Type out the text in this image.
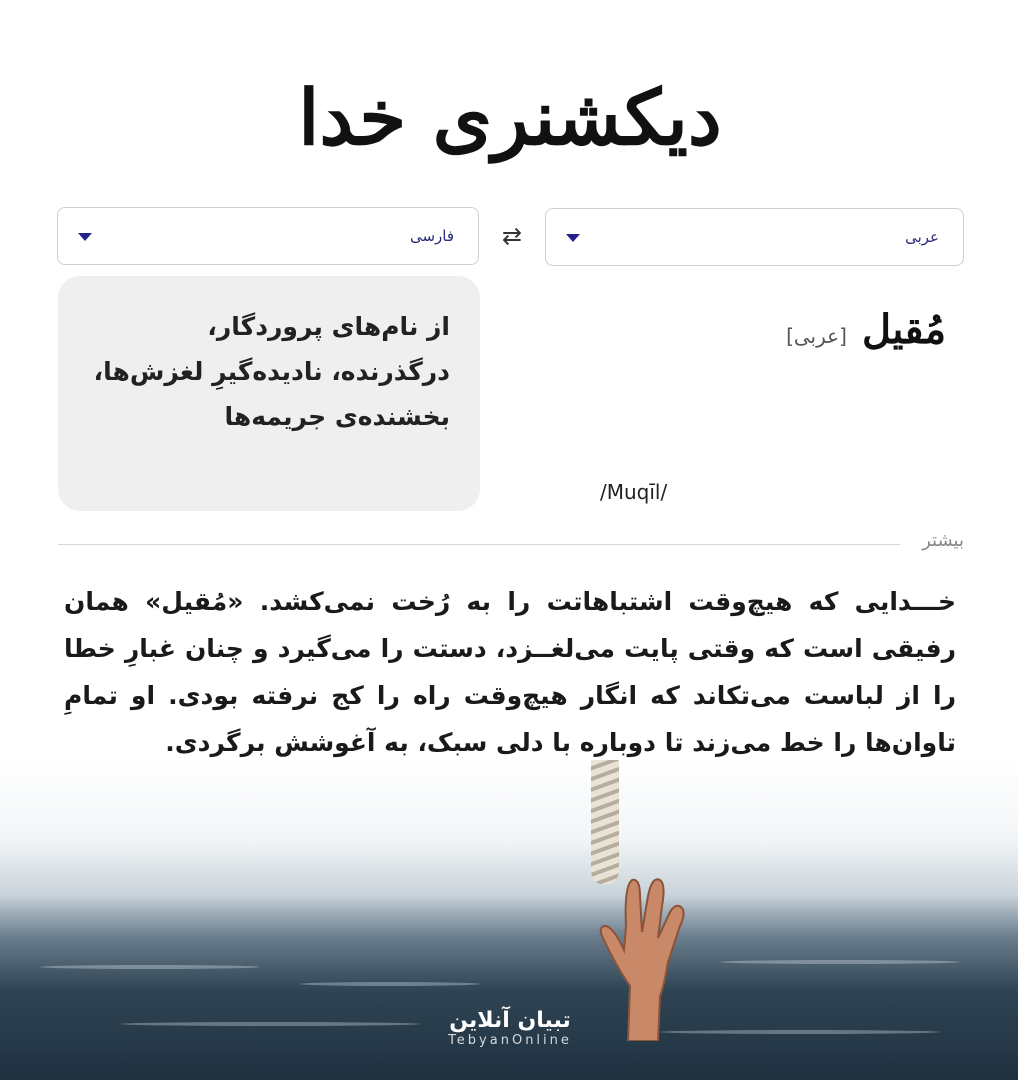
دیکشنری خدا
عربی
⇄
فارسی
از نام‌های پروردگار، درگذرنده، نادیده‌گیرِ لغزش‌ها، بخشنده‌ی جریمه‌ها
مُقیل [عربی]
/Muqīl/
بیشتر
خـــدایی که هیچ‌وقت اشتباهاتت را به رُخت نمی‌کشد. «مُقیل» همان رفیقی است که وقتی پایت می‌لغــزد، دستت را می‌گیرد و چنان غبارِ خطا را از لباست می‌تکاند که انگار هیچ‌وقت راه را کج نرفته بودی. او تمامِ تاوان‌ها را خط می‌زند تا دوباره با دلی سبک، به آغوشش برگردی.
تبیان آنلاین
TebyanOnline
